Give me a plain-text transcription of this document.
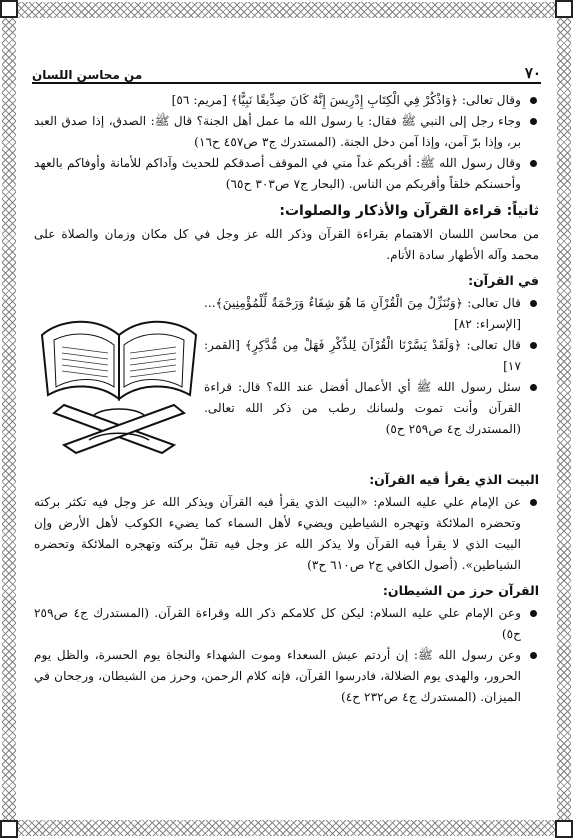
٧٠
من محاسن اللسان

وقال تعالى: ﴿وَاذْكُرْ فِي الْكِتَابِ إِدْرِيسَ إِنَّهُ كَانَ صِدِّيقًا نَبِيًّا﴾ [مريم: ٥٦]

وجاء رجل إلى النبي ﷺ فقال: يا رسول الله ما عمل أهل الجنة؟ قال ﷺ: الصدق، إذا صدق العبد بر، وإذا برّ آمن، وإذا آمن دخل الجنة. (المستدرك ج٣ ص٤٥٧ ح١٦)

وقال رسول الله ﷺ: أقربكم غداً مني في الموقف أصدقكم للحديث وآداكم للأمانة وأوفاكم بالعهد وأحسنكم خلقاً وأقربكم من الناس. (البحار ج٧ ص٣٠٣ ح٦٥)

ثانياً: قراءة القرآن والأذكار والصلوات:

من محاسن اللسان الاهتمام بقراءة القرآن وذكر الله عز وجل في كل مكان وزمان والصلاة على محمد وآله الأطهار سادة الأنام.

في القرآن:

قال تعالى: ﴿وَنُنَزِّلُ مِنَ الْقُرْآنِ مَا هُوَ شِفَاءٌ وَرَحْمَةٌ لِّلْمُؤْمِنِينَ﴾... [الإسراء: ٨٢]

قال تعالى: ﴿وَلَقَدْ يَسَّرْنَا الْقُرْآنَ لِلذِّكْرِ فَهَلْ مِن مُّدَّكِرٍ﴾ [القمر: ١٧]

سئل رسول الله ﷺ أي الأعمال أفضل عند الله؟ قال: قراءة القرآن وأنت تموت ولسانك رطب من ذكر الله تعالى. (المستدرك ج٤ ص٢٥٩ ح٥)

البيت الذي يقرأ فيه القرآن:

عن الإمام علي عليه السلام: «البيت الذي يقرأ فيه القرآن ويذكر الله عز وجل فيه تكثر بركته وتحضره الملائكة وتهجره الشياطين ويضيء لأهل السماء كما يضيء الكوكب لأهل الأرض وإن البيت الذي لا يقرأ فيه القرآن ولا يذكر الله عز وجل فيه تقلّ بركته وتهجره الملائكة وتحضره الشياطين». (أصول الكافي ج٢ ص٦١٠ ح٣)

القرآن حرز من الشيطان:

وعن الإمام علي عليه السلام: ليكن كل كلامكم ذكر الله وقراءة القرآن. (المستدرك ج٤ ص٢٥٩ ح٥)

وعن رسول الله ﷺ: إن أردتم عيش السعداء وموت الشهداء والنجاة يوم الحسرة، والظل يوم الحرور، والهدى يوم الضلالة، فادرسوا القرآن، فإنه كلام الرحمن، وحرز من الشيطان، ورجحان في الميزان. (المستدرك ج٤ ص٢٣٢ ح٤)
